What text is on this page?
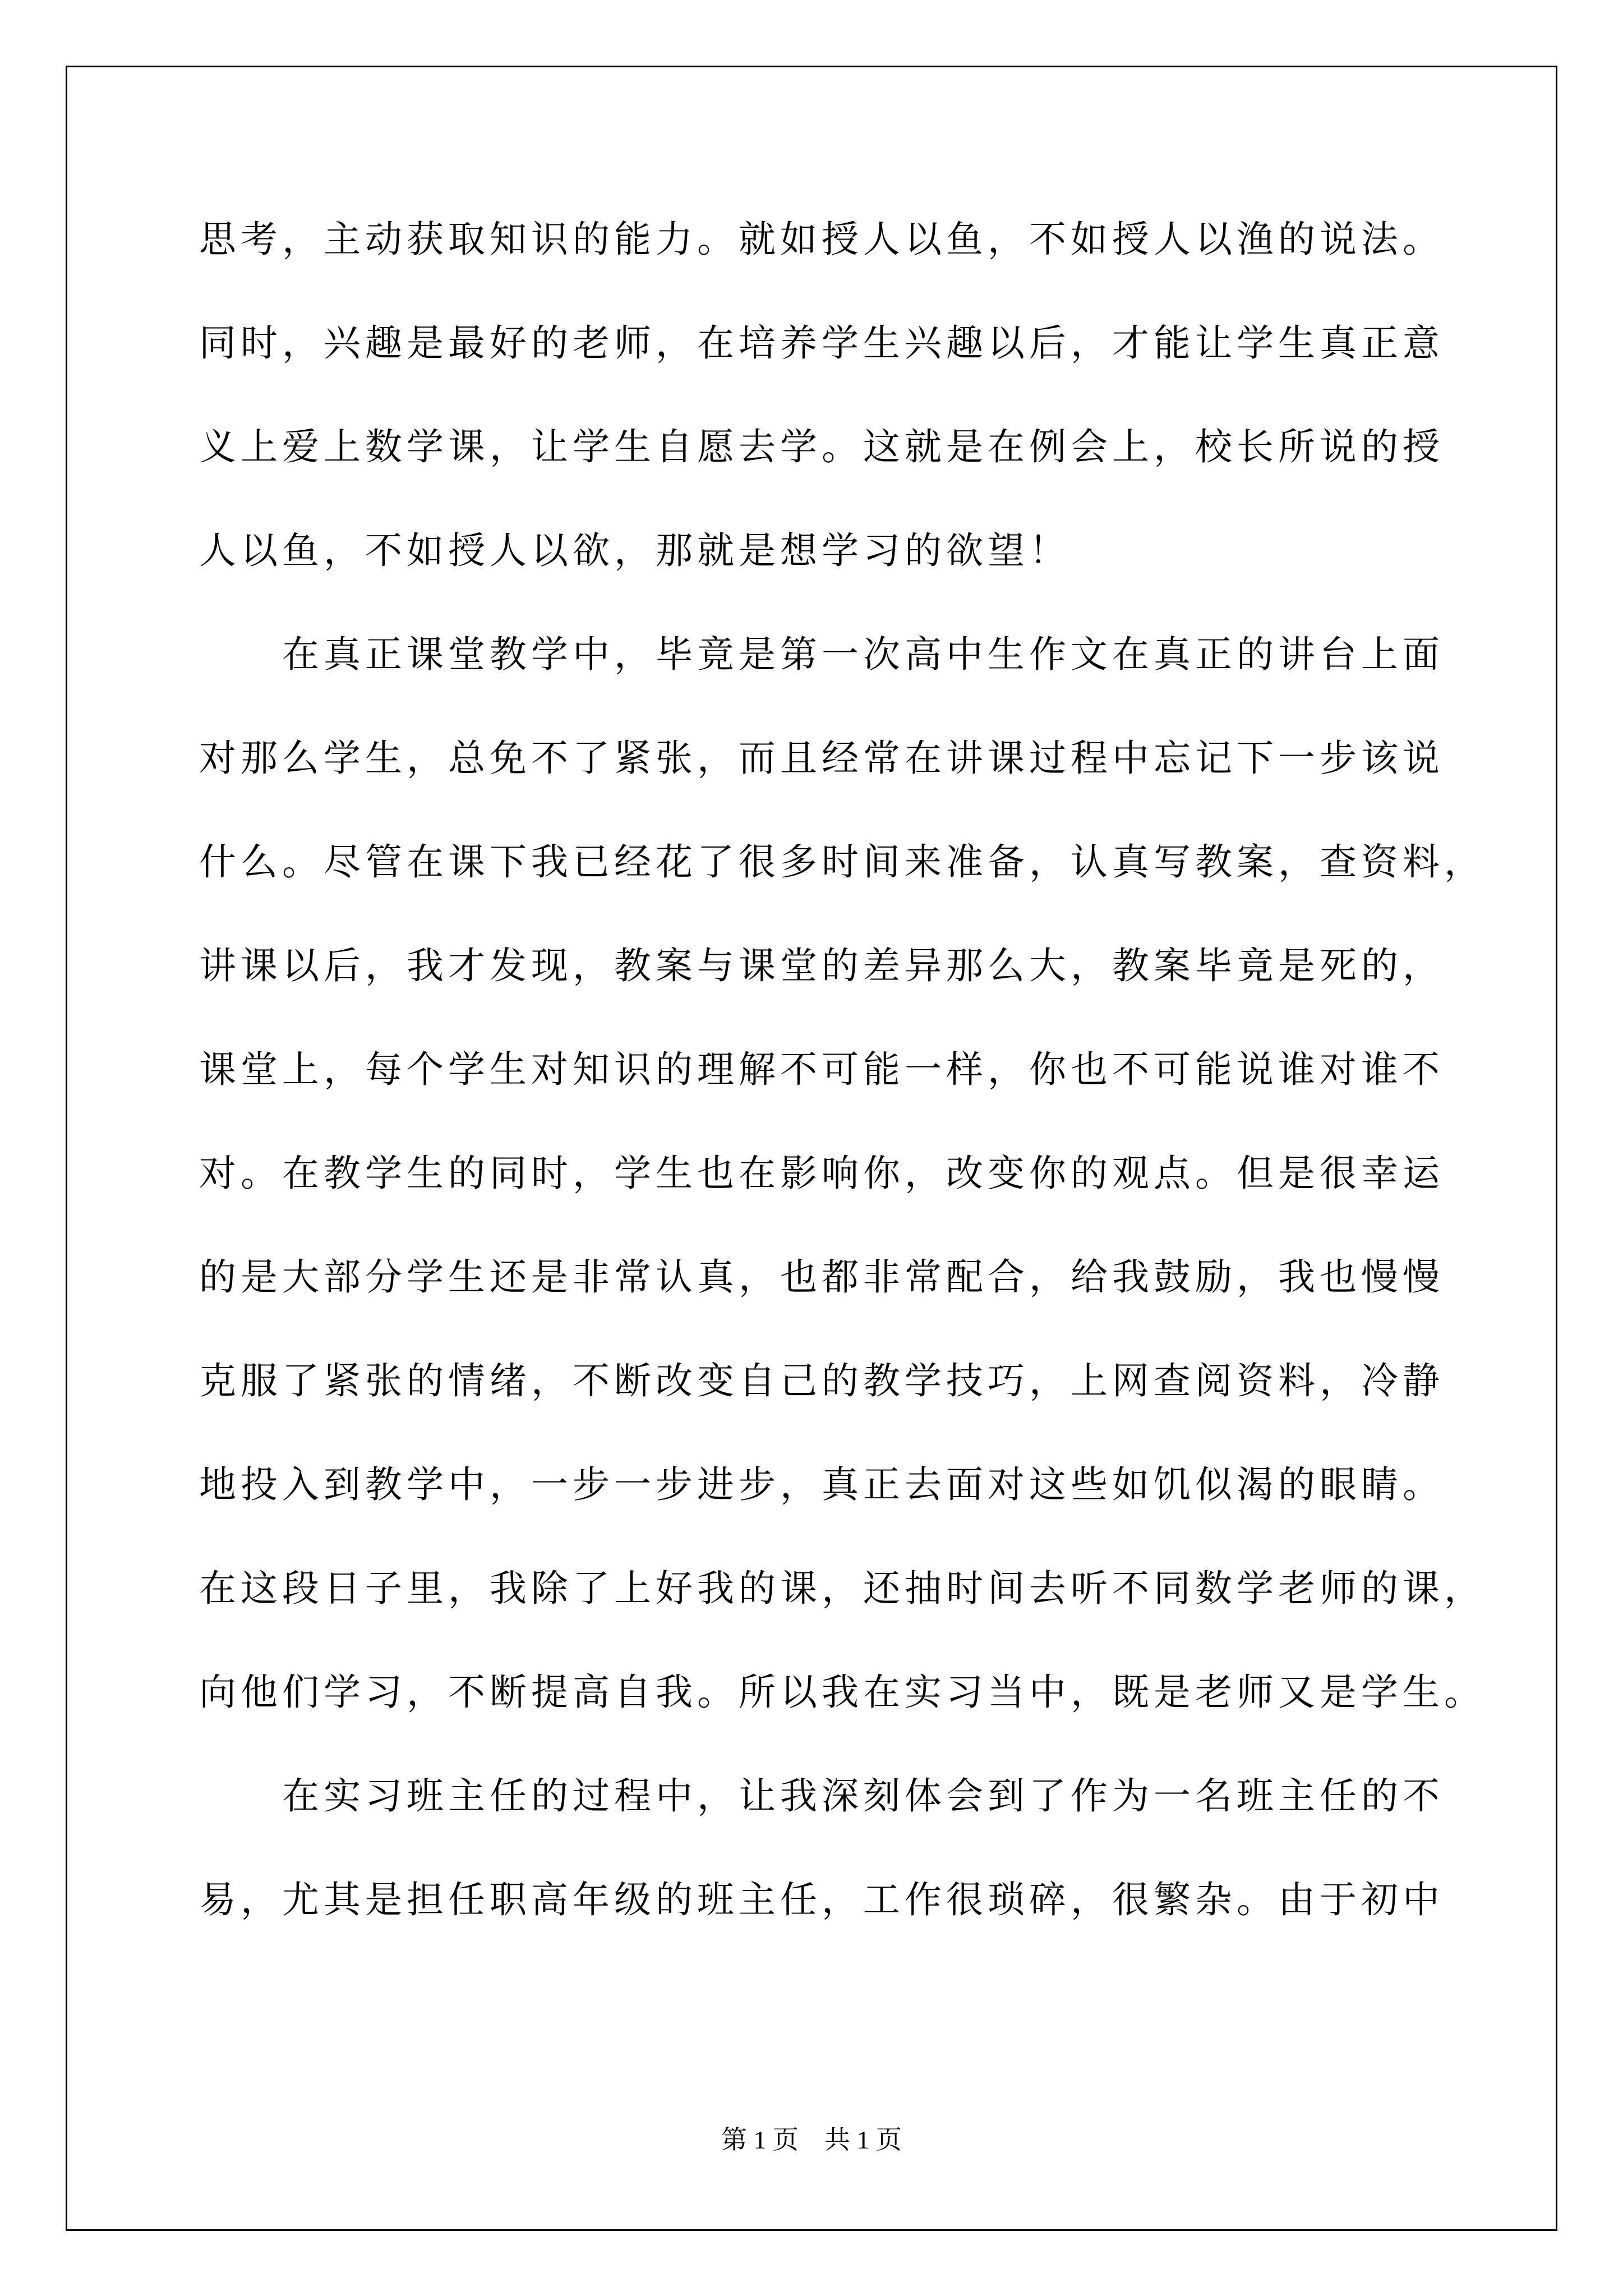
思考，主动获取知识的能力。就如授人以鱼，不如授人以渔的说法。
同时，兴趣是最好的老师，在培养学生兴趣以后，才能让学生真正意
义上爱上数学课，让学生自愿去学。这就是在例会上，校长所说的授
人以鱼，不如授人以欲，那就是想学习的欲望！
在真正课堂教学中，毕竟是第一次高中生作文在真正的讲台上面
对那么学生，总免不了紧张，而且经常在讲课过程中忘记下一步该说
什么。尽管在课下我已经花了很多时间来准备，认真写教案，查资料，
讲课以后，我才发现，教案与课堂的差异那么大，教案毕竟是死的，
课堂上，每个学生对知识的理解不可能一样，你也不可能说谁对谁不
对。在教学生的同时，学生也在影响你，改变你的观点。但是很幸运
的是大部分学生还是非常认真，也都非常配合，给我鼓励，我也慢慢
克服了紧张的情绪，不断改变自己的教学技巧，上网查阅资料，冷静
地投入到教学中，一步一步进步，真正去面对这些如饥似渴的眼睛。
在这段日子里，我除了上好我的课，还抽时间去听不同数学老师的课，
向他们学习，不断提高自我。所以我在实习当中，既是老师又是学生。
在实习班主任的过程中，让我深刻体会到了作为一名班主任的不
易，尤其是担任职高年级的班主任，工作很琐碎，很繁杂。由于初中
第 1 页    共 1 页
